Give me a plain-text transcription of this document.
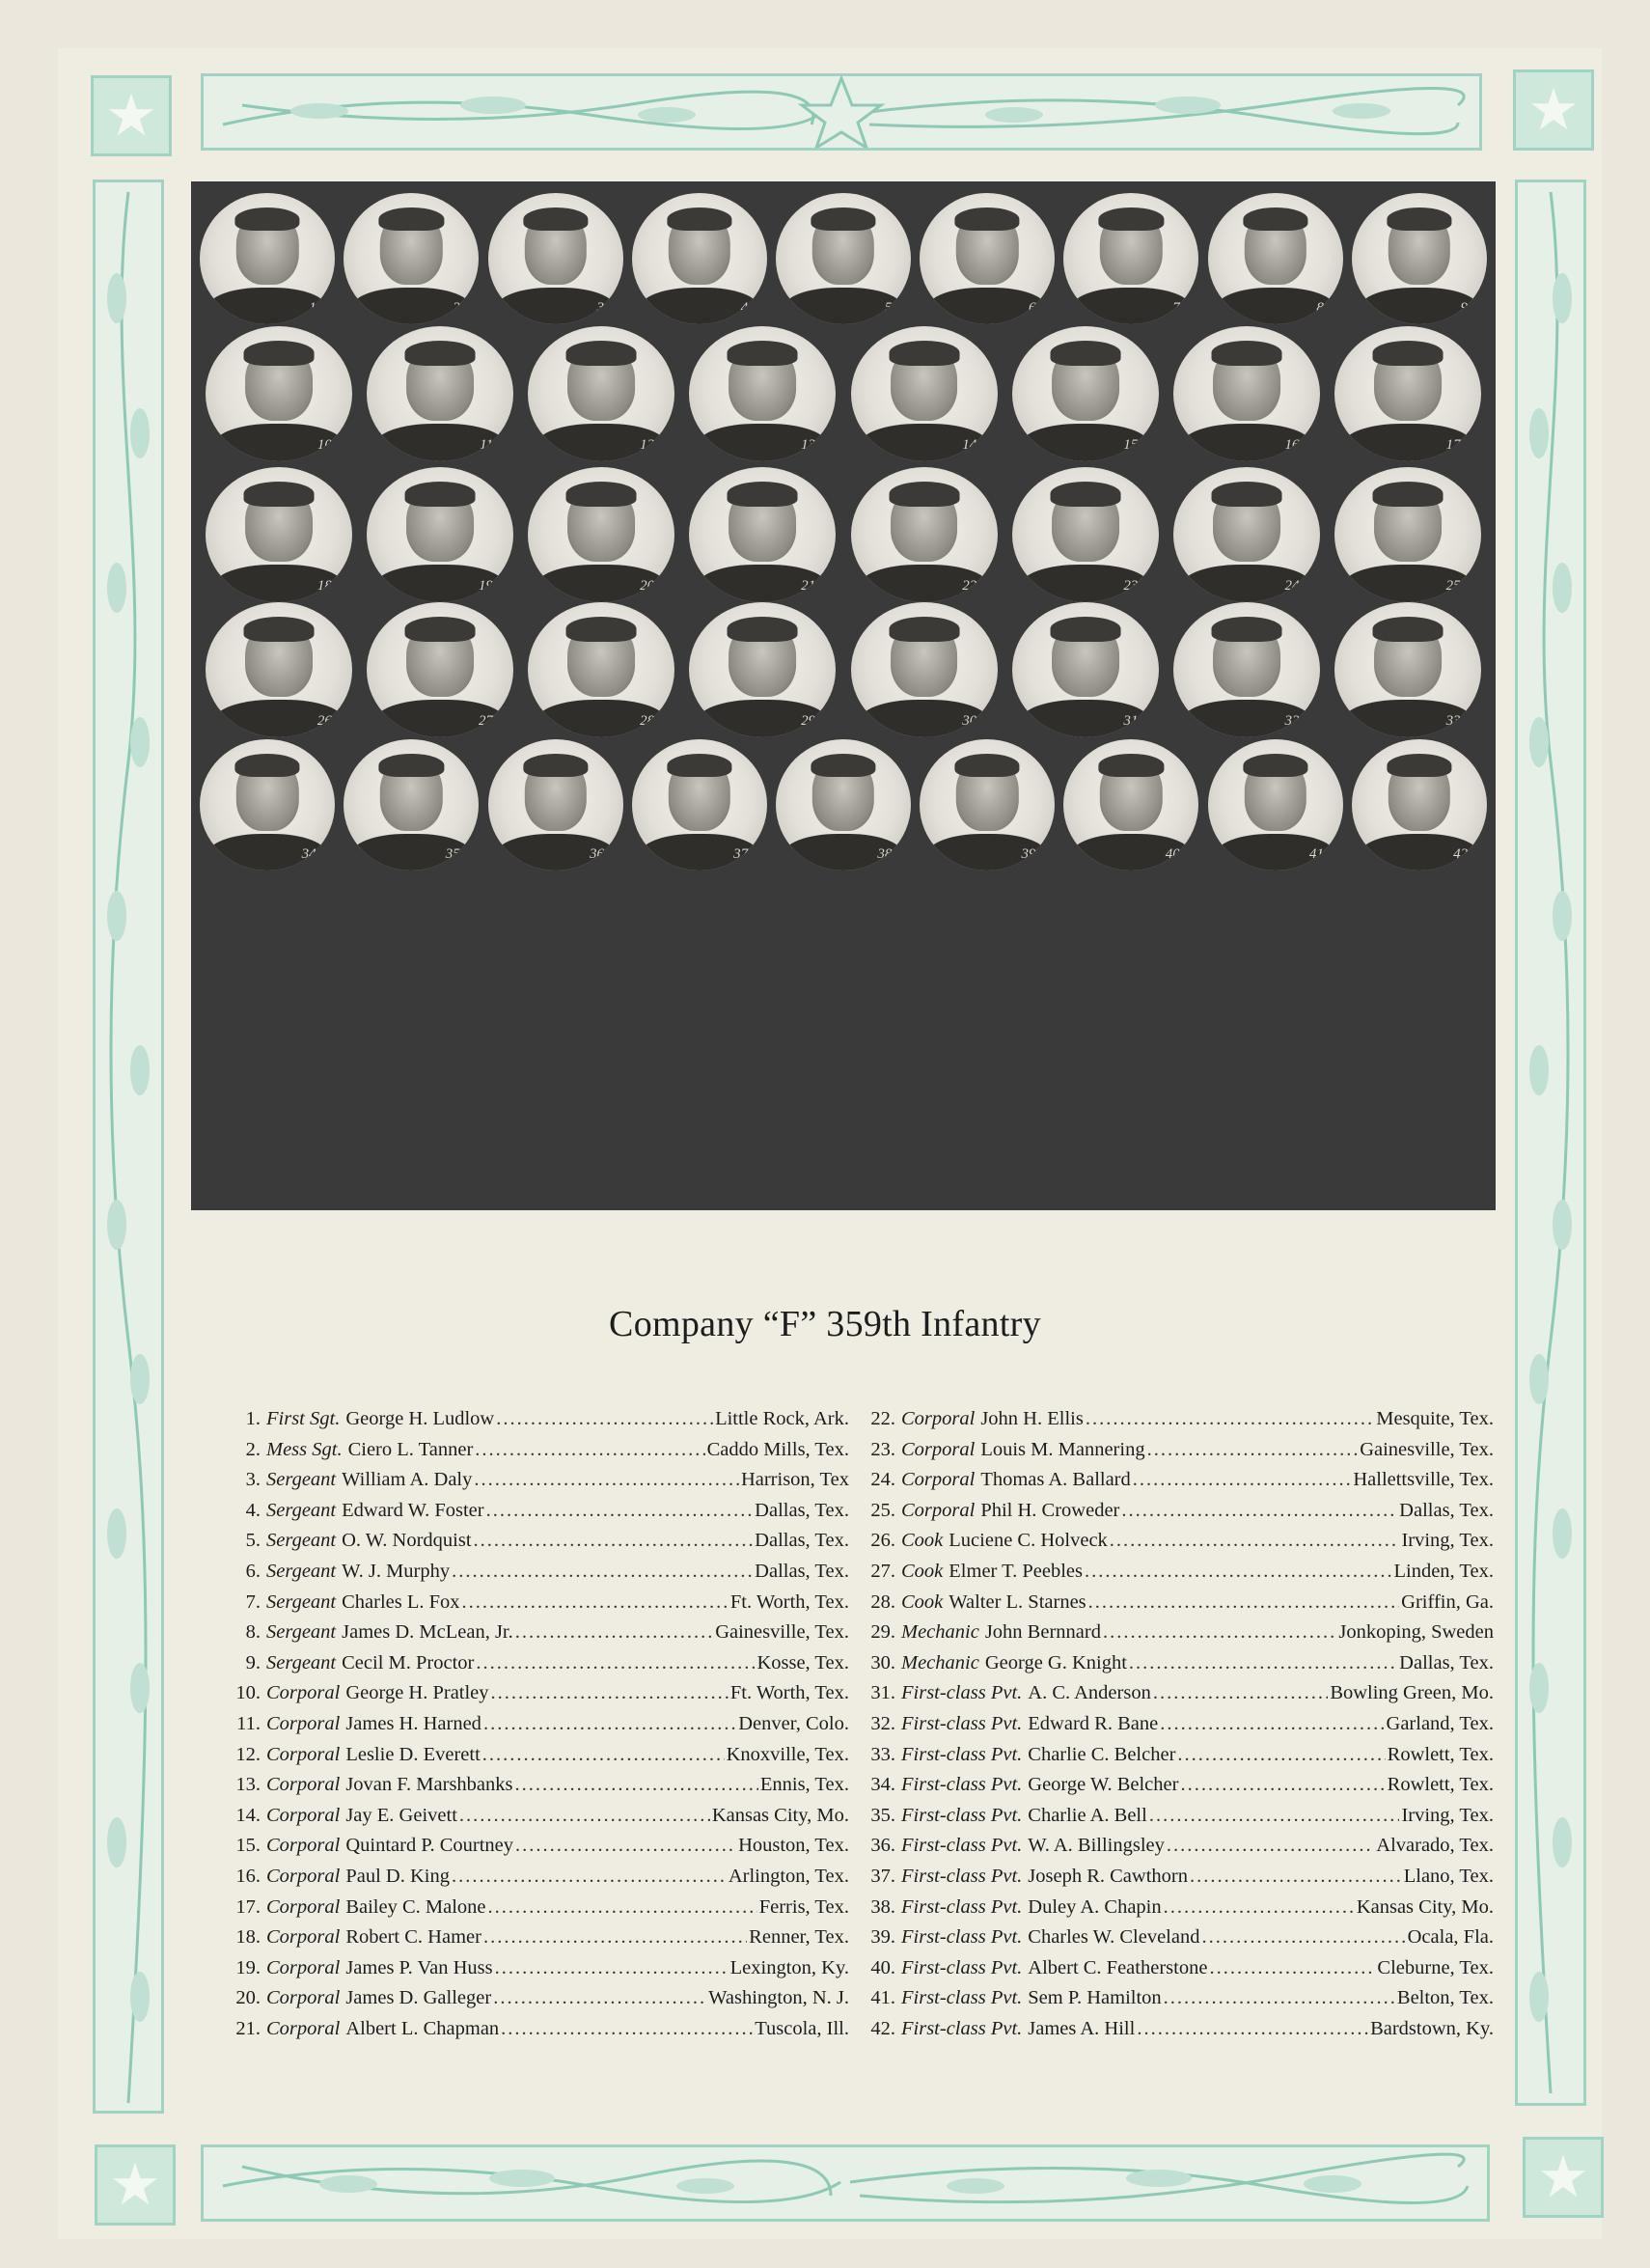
★	★
★	★
1	2	3	4	5	6	7	8	9
10	11	12	13	14	15	16	17
18	19	20	21	22	23	24	25
26	27	28	29	30	31	32	33
34	35	36	37	38	39	40	41	42
Company “F” 359th Infantry
1. First Sgt. George H. Ludlow .....	Little Rock, Ark.
2. Mess Sgt. Ciero L. Tanner .....	Caddo Mills, Tex.
3. Sergeant William A. Daly .....	Harrison, Tex
4. Sergeant Edward W. Foster .....	Dallas, Tex.
5. Sergeant O. W. Nordquist .....	Dallas, Tex.
6. Sergeant W. J. Murphy .....	Dallas, Tex.
7. Sergeant Charles L. Fox .....	Ft. Worth, Tex.
8. Sergeant James D. McLean, Jr. .....	Gainesville, Tex.
9. Sergeant Cecil M. Proctor .....	Kosse, Tex.
10. Corporal George H. Pratley .....	Ft. Worth, Tex.
11. Corporal James H. Harned .....	Denver, Colo.
12. Corporal Leslie D. Everett .....	Knoxville, Tex.
13. Corporal Jovan F. Marshbanks .....	Ennis, Tex.
14. Corporal Jay E. Geivett .....	Kansas City, Mo.
15. Corporal Quintard P. Courtney .....	Houston, Tex.
16. Corporal Paul D. King .....	Arlington, Tex.
17. Corporal Bailey C. Malone .....	Ferris, Tex.
18. Corporal Robert C. Hamer .....	Renner, Tex.
19. Corporal James P. Van Huss .....	Lexington, Ky.
20. Corporal James D. Galleger .....	Washington, N. J.
21. Corporal Albert L. Chapman .....	Tuscola, Ill.
22. Corporal John H. Ellis .....	Mesquite, Tex.
23. Corporal Louis M. Mannering .....	Gainesville, Tex.
24. Corporal Thomas A. Ballard .....	Hallettsville, Tex.
25. Corporal Phil H. Croweder .....	Dallas, Tex.
26. Cook Luciene C. Holveck .....	Irving, Tex.
27. Cook Elmer T. Peebles .....	Linden, Tex.
28. Cook Walter L. Starnes .....	Griffin, Ga.
29. Mechanic John Bernnard .....	Jonkoping, Sweden
30. Mechanic George G. Knight .....	Dallas, Tex.
31. First-class Pvt. A. C. Anderson .....	Bowling Green, Mo.
32. First-class Pvt. Edward R. Bane .....	Garland, Tex.
33. First-class Pvt. Charlie C. Belcher .....	Rowlett, Tex.
34. First-class Pvt. George W. Belcher .....	Rowlett, Tex.
35. First-class Pvt. Charlie A. Bell .....	Irving, Tex.
36. First-class Pvt. W. A. Billingsley .....	Alvarado, Tex.
37. First-class Pvt. Joseph R. Cawthorn .....	Llano, Tex.
38. First-class Pvt. Duley A. Chapin .....	Kansas City, Mo.
39. First-class Pvt. Charles W. Cleveland .....	Ocala, Fla.
40. First-class Pvt. Albert C. Featherstone .....	Cleburne, Tex.
41. First-class Pvt. Sem P. Hamilton .....	Belton, Tex.
42. First-class Pvt. James A. Hill .....	Bardstown, Ky.
